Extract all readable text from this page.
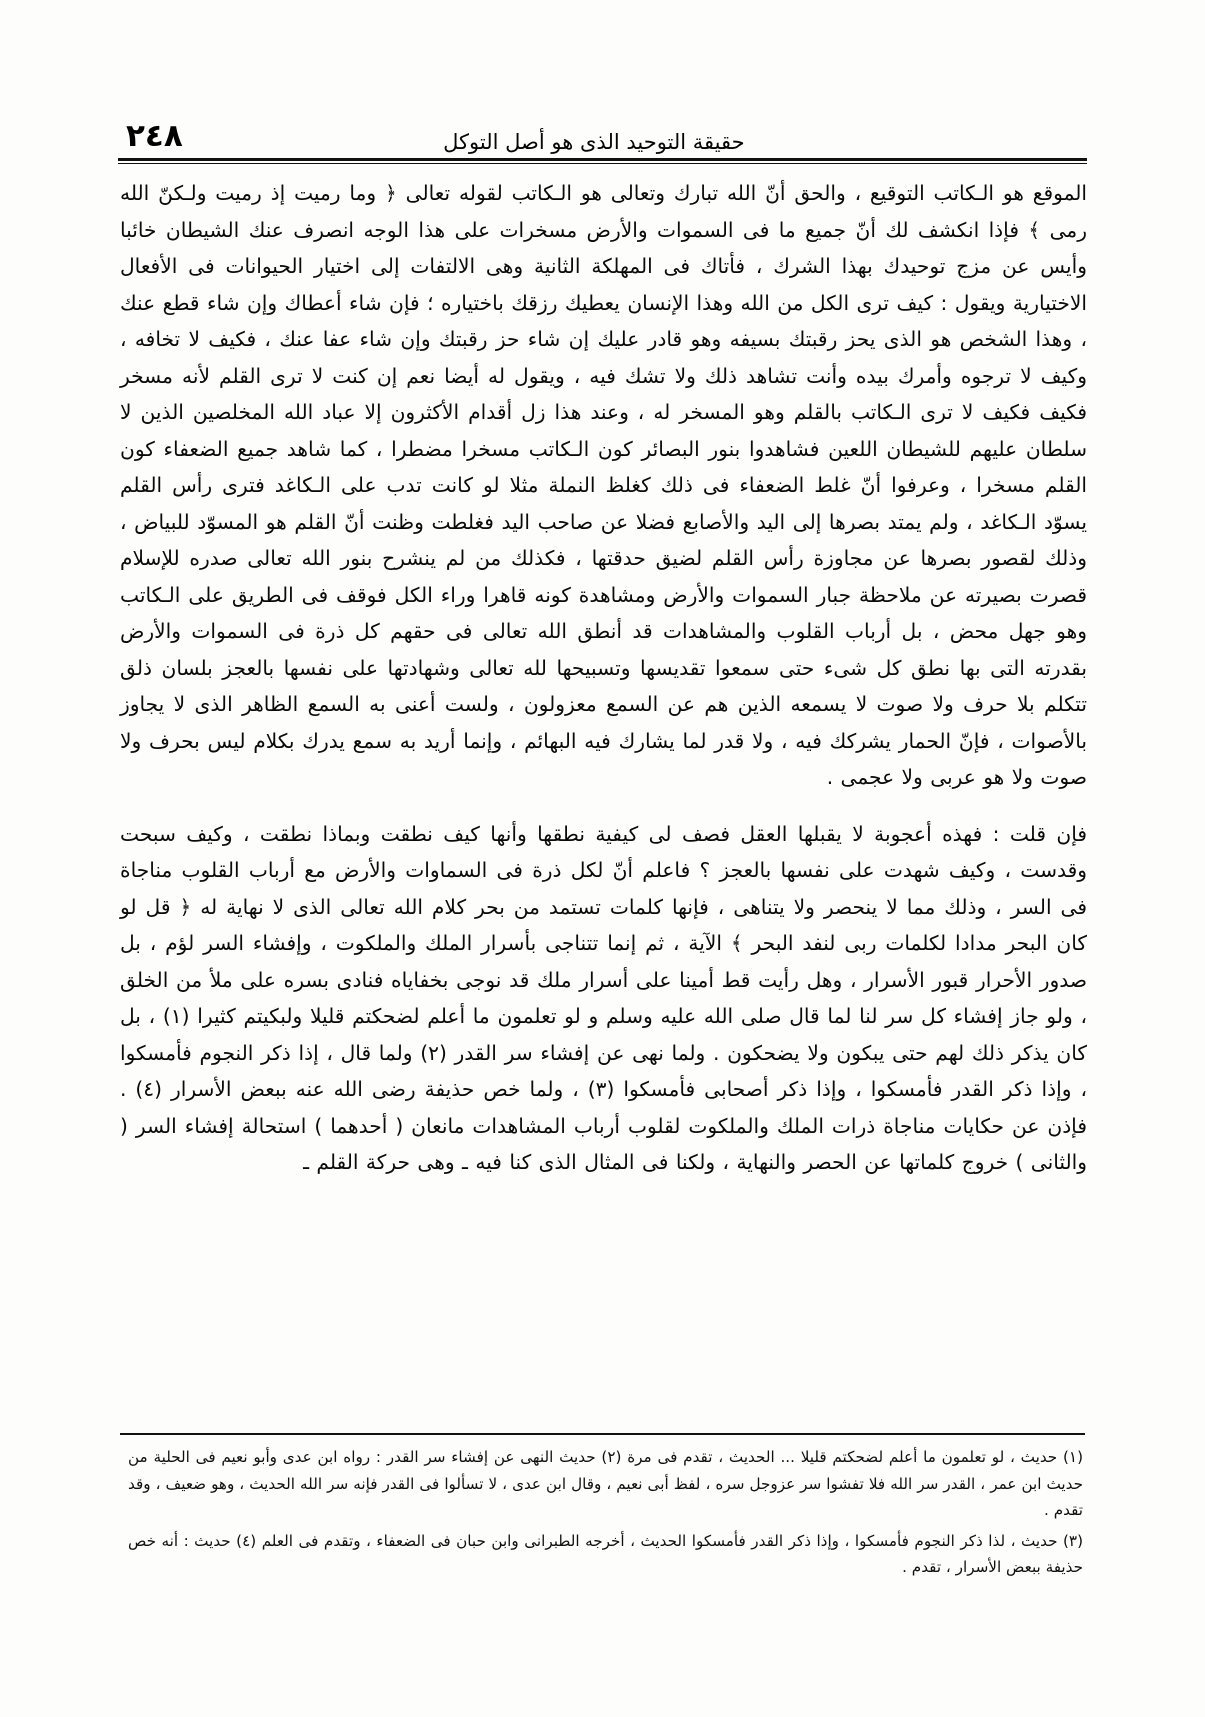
حقيقة التوحيد الذى هو أصل التوكل
٢٤٨

الموقع هو الـكاتب التوقيع ، والحق أنّ الله تبارك وتعالى هو الـكاتب لقوله تعالى ﴿ وما رميت إذ رميت ولـكنّ الله رمى ﴾ فإذا انكشف لك أنّ جميع ما فى السموات والأرض مسخرات على هذا الوجه انصرف عنك الشيطان خائبا وأيس عن مزج توحيدك بهذا الشرك ، فأتاك فى المهلكة الثانية وهى الالتفات إلى اختيار الحيوانات فى الأفعال الاختيارية ويقول : كيف ترى الكل من الله وهذا الإنسان يعطيك رزقك باختياره ؛ فإن شاء أعطاك وإن شاء قطع عنك ، وهذا الشخص هو الذى يحز رقبتك بسيفه وهو قادر عليك إن شاء حز رقبتك وإن شاء عفا عنك ، فكيف لا تخافه ، وكيف لا ترجوه وأمرك بيده وأنت تشاهد ذلك ولا تشك فيه ، ويقول له أيضا نعم إن كنت لا ترى القلم لأنه مسخر فكيف فكيف لا ترى الـكاتب بالقلم وهو المسخر له ، وعند هذا زل أقدام الأكثرون إلا عباد الله المخلصين الذين لا سلطان عليهم للشيطان اللعين فشاهدوا بنور البصائر كون الـكاتب مسخرا مضطرا ، كما شاهد جميع الضعفاء كون القلم مسخرا ، وعرفوا أنّ غلط الضعفاء فى ذلك كغلظ النملة مثلا لو كانت تدب على الـكاغد فترى رأس القلم يسوّد الـكاغد ، ولم يمتد بصرها إلى اليد والأصابع فضلا عن صاحب اليد فغلطت وظنت أنّ القلم هو المسوّد للبياض ، وذلك لقصور بصرها عن مجاوزة رأس القلم لضيق حدقتها ، فكذلك من لم ينشرح بنور الله تعالى صدره للإسلام قصرت بصيرته عن ملاحظة جبار السموات والأرض ومشاهدة كونه قاهرا وراء الكل فوقف فى الطريق على الـكاتب وهو جهل محض ، بل أرباب القلوب والمشاهدات قد أنطق الله تعالى فى حقهم كل ذرة فى السموات والأرض بقدرته التى بها نطق كل شىء حتى سمعوا تقديسها وتسبيحها لله تعالى وشهادتها على نفسها بالعجز بلسان ذلق تتكلم بلا حرف ولا صوت لا يسمعه الذين هم عن السمع معزولون ، ولست أعنى به السمع الظاهر الذى لا يجاوز بالأصوات ، فإنّ الحمار يشركك فيه ، ولا قدر لما يشارك فيه البهائم ، وإنما أريد به سمع يدرك بكلام ليس بحرف ولا صوت ولا هو عربى ولا عجمى .

فإن قلت : فهذه أعجوبة لا يقبلها العقل فصف لى كيفية نطقها وأنها كيف نطقت وبماذا نطقت ، وكيف سبحت وقدست ، وكيف شهدت على نفسها بالعجز ؟ فاعلم أنّ لكل ذرة فى السماوات والأرض مع أرباب القلوب مناجاة فى السر ، وذلك مما لا ينحصر ولا يتناهى ، فإنها كلمات تستمد من بحر كلام الله تعالى الذى لا نهاية له ﴿ قل لو كان البحر مدادا لكلمات ربى لنفد البحر ﴾ الآية ، ثم إنما تتناجى بأسرار الملك والملكوت ، وإفشاء السر لؤم ، بل صدور الأحرار قبور الأسرار ، وهل رأيت قط أمينا على أسرار ملك قد نوجى بخفاياه فنادى بسره على ملأ من الخلق ، ولو جاز إفشاء كل سر لنا لما قال صلى الله عليه وسلم و لو تعلمون ما أعلم لضحكتم قليلا ولبكيتم كثيرا (١) ، بل كان يذكر ذلك لهم حتى يبكون ولا يضحكون . ولما نهى عن إفشاء سر القدر (٢) ولما قال ، إذا ذكر النجوم فأمسكوا ، وإذا ذكر القدر فأمسكوا ، وإذا ذكر أصحابى فأمسكوا (٣) ، ولما خص حذيفة رضى الله عنه ببعض الأسرار (٤) . فإذن عن حكايات مناجاة ذرات الملك والملكوت لقلوب أرباب المشاهدات مانعان ( أحدهما ) استحالة إفشاء السر ( والثانى ) خروج كلماتها عن الحصر والنهاية ، ولكنا فى المثال الذى كنا فيه ـ وهى حركة القلم ـ

(١) حديث ، لو تعلمون ما أعلم لضحكتم قليلا ... الحديث ، تقدم فى مرة (٢) حديث النهى عن إفشاء سر القدر : رواه ابن عدى وأبو نعيم فى الحلية من حديث ابن عمر ، القدر سر الله فلا تفشوا سر عزوجل سره ، لفظ أبى نعيم ، وقال ابن عدى ، لا تسألوا فى القدر فإنه سر الله الحديث ، وهو ضعيف ، وقد تقدم .

(٣) حديث ، لذا ذكر النجوم فأمسكوا ، وإذا ذكر القدر فأمسكوا الحديث ، أخرجه الطبرانى وابن حبان فى الضعفاء ، وتقدم فى العلم (٤) حديث : أنه خص حذيفة ببعض الأسرار ، تقدم .
